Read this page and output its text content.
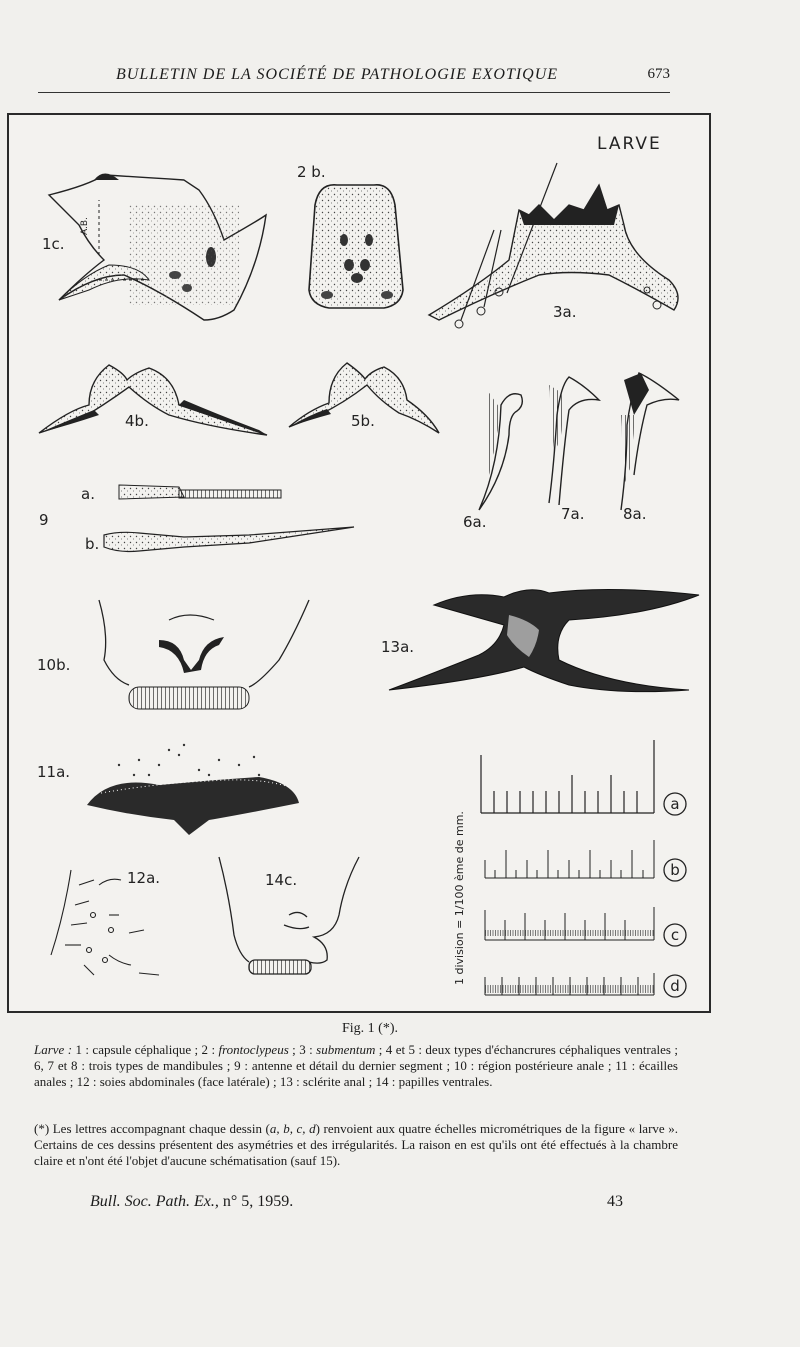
BULLETIN DE LA SOCIÉTÉ DE PATHOLOGIE EXOTIQUE	673
LARVE
1c.
A.B.
2 b.
3a.
4b.	5b.
6a.	7a.	8a.
9
a.
b.
10b.
13a.
11a.
12a.	14c.	1 division = 1/100 ème de mm.
a
b
c
d
Fig. 1 (*).
Larve : 1 : capsule céphalique ; 2 : frontoclypeus ; 3 : submentum ; 4 et 5 : deux types d'échancrures céphaliques ventrales ; 6, 7 et 8 : trois types de mandibules ; 9 : antenne et détail du dernier segment ; 10 : région postérieure anale ; 11 : écailles anales ; 12 : soies abdominales (face latérale) ; 13 : sclérite anal ; 14 : papilles ventrales.
(*) Les lettres accompagnant chaque dessin (a, b, c, d) renvoient aux quatre échelles micrométriques de la figure « larve ». Certains de ces dessins présentent des asymétries et des irrégularités. La raison en est qu'ils ont été effectués à la chambre claire et n'ont été l'objet d'aucune schématisation (sauf 15).
Bull. Soc. Path. Ex., n° 5, 1959.	43
